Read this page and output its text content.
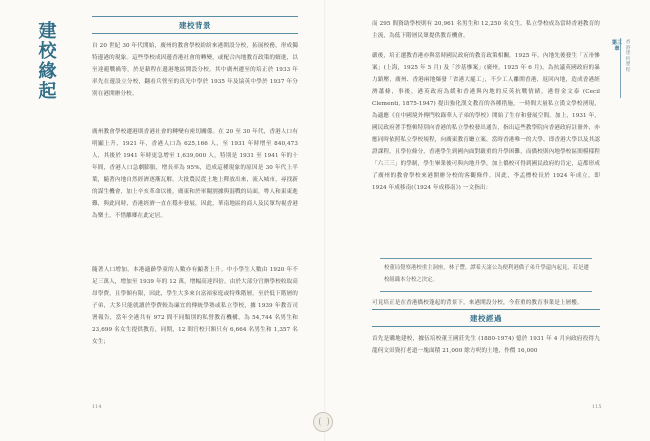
建校緣起
建校背景
自 20 世紀 30 年代開始，廣州的教會學校紛紛來港開設分校，拓展校務，形成獨特邊港的現象。這些學校成因邊香港社會的轉變，或配合內地教育政策的嬗進，以至達避戰禍等，於是藉程在邊港地區開設分校。其中廣州遷至的培正於 1933 年率先在邊設立分校，翻看兵營至的真光中學於 1935 年及協英中學於 1937 年分別在港開辦分校。
廣州教會學校遷港則香港社會的轉變有密切關係。在 20 至 30 年代，香港人口有明顯上升，1921 年，香港人口為 625,166 人，至 1931 年時增至 840,473 人，其後於 1941 年時更急增至 1,639,000 人，特別是 1931 至 1941 年的十年間，香港人口急劇膨脹，增長率為 95%，造成這種現象的原因是 30 年代上半葉，隨著內地自然經濟逐漸瓦解，大批農民從土地上釋放出來，流入城市，尋找新的謀生機會，加上辛亥革命以後，廣東和於軍閥割據與混戰的局面，粵人和東東進難，與此同時，香港經濟一直在穩步發展，因此，華南地區的商人及民眾均視香港為樂土，不惜離鄉在此定居。
隨著人口增加，本港適齡學童的人數亦有顯著上升。中小學生人數由 1920 年不足三萬人，增加至 1939 年的 12 萬，增幅高達四倍。由於大部分官辦學校收取高昂學費，且學額有限，因此，學生大多來自富裕家庭或特殊階層。至於低下階層的子弟，大多只能就讀於學費較為廉宜的傳統學塾或私立學校，據 1939 年教育司署報告，當年全港共有 972 間不同類別的私營教育機構，為 54,744 名男生和 23,699 名女生提供教育，同期，12 間官校只額只有 6,664 名男生和 1,357 名女生；
114
第三章
香港建校歷程
而 295 間資助學校則有 20,961 名男生和 12,250 名女生，私立學校成為當時香港教育的主流，為低下階層民眾提供教育機會。
嚴後，培正遷教香港亦與當時國民政府的教育政策相關。1925 年，內地先後發生「五卅慘案」(上海，1925 年 5 月) 及「沙基慘案」(廣州，1925 年 6 月)，為抗議英國政府的暴力鎮壓，廣州、香港兩地爆發「省港大罷工」，不少工人離開香港，返回內地，造成香港經濟蕭條，事後，港英政府為緩和香港與內地的反英抗戰情緒，港督金文泰 (Cecil Clementi, 1875-1947) 提出強化漢文教育的各種措施，一時間大量私立漢文學校湧現，為適應《在中國境外傳門收錄華人子弟的學校》開始了生存和發展空間。加上，1931 年，國民政府著手整頓特別向香港的私立學校發出通告，指出這些教學院向香港政府註冊外，亦應同時依照私立學校規程，向廣東教育廳立案，當時香港唯一的大學、即香港大學以及其認證課程，且學位條分，香港學生到國內面對嚴重的升學困難，而僑校則內地學校區間模樣程「六三三」的學制，學生畢業後可與內地升學，加上僑校可得到國民政府的肯定，這都形成了廣州的教會學校來港開辦分校的客觀條件。因此，李孟標校長於 1924 年成立，即 1924 年成移南(《1924 年成移南》) 一文指出：
校董局覺察港校重主洞座，林子豐、譚希天諸公為便利港僑子弟升學還內起見，若是遷校組織本分校之決定。
可見培正是在香港僑校蓬起的背景下，來港開設分校，今莊重的教育事業是上層樓。
建校經過
首先是購地建校，據伍培校董王國莊先生 (1880-1974) 憶於 1931 年 4 月向政府投得九龍何文田資打老道一塊面積 21,000 餘方呎的土地，作價 16,000
115
